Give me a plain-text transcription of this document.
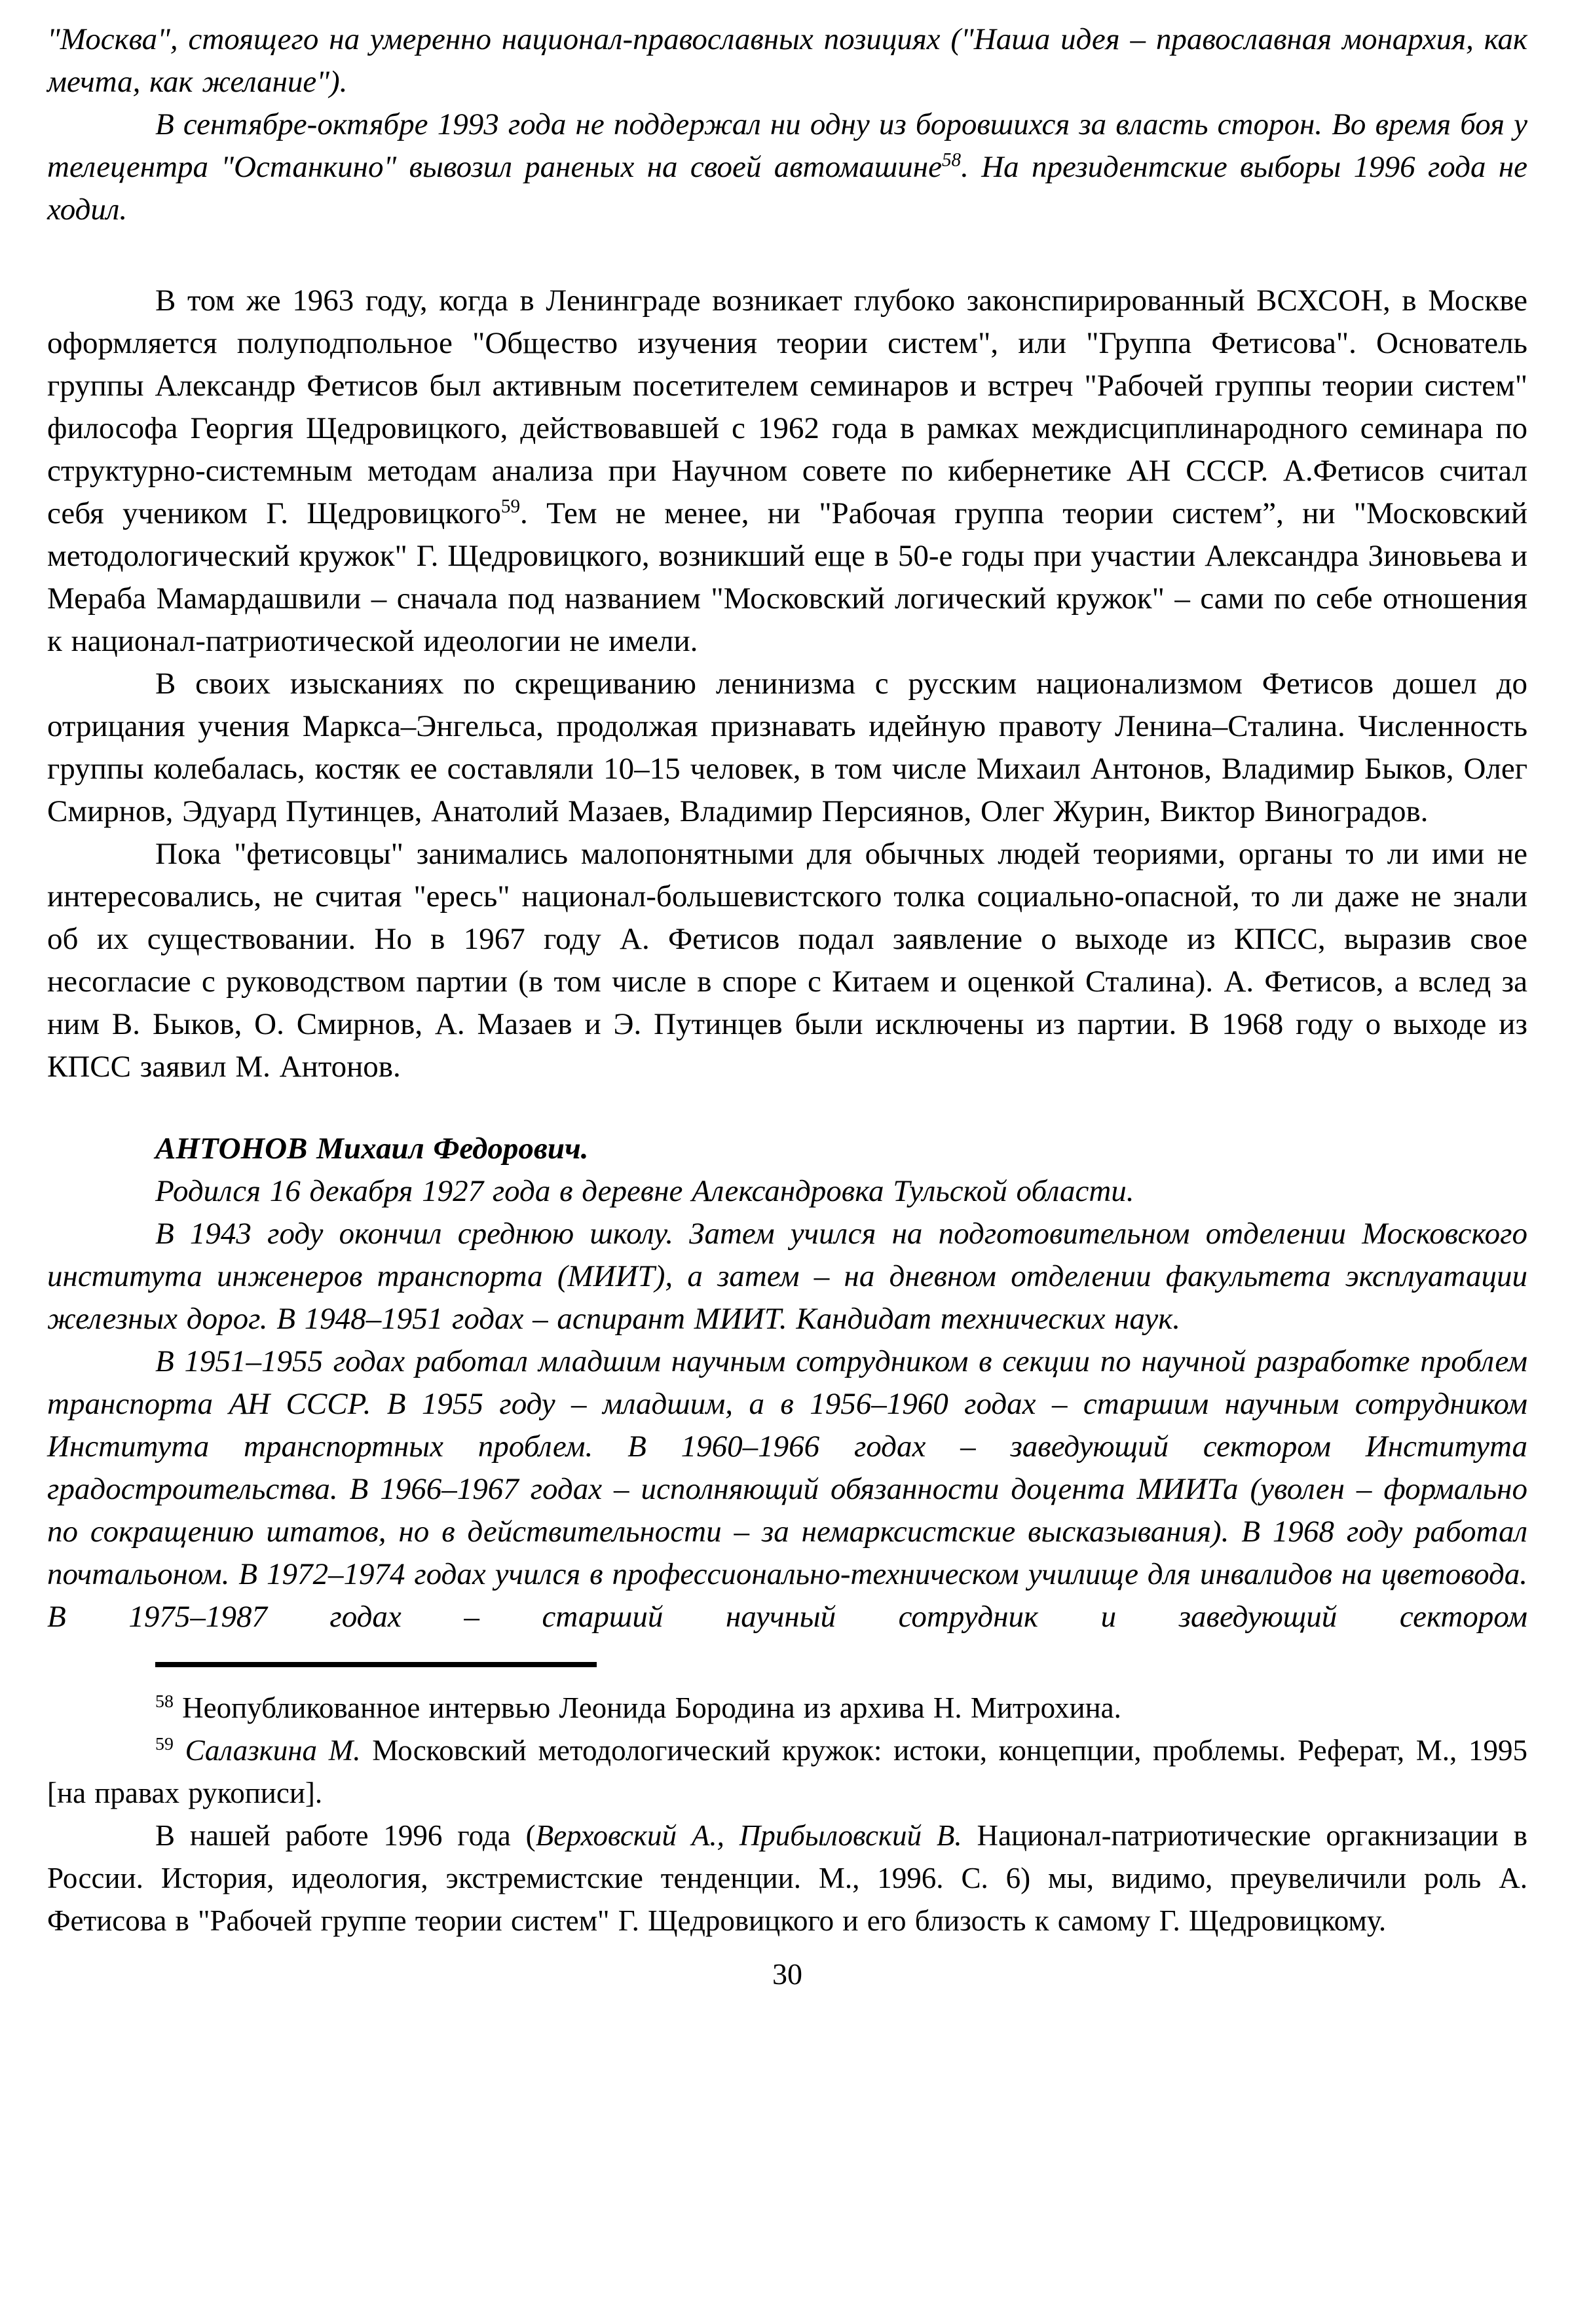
"Москва", стоящего на умеренно национал-православных позициях ("Наша идея – православная монархия, как мечта, как желание").

В сентябре-октябре 1993 года не поддержал ни одну из боровшихся за власть сторон. Во время боя у телецентра "Останкино" вывозил раненых на своей автомашине$^{58}$. На президентские выборы 1996 года не ходил.

В том же 1963 году, когда в Ленинграде возникает глубоко законспирированный ВСХСОН, в Москве оформляется полуподпольное "Общество изучения теории систем", или "Группа Фетисова". Основатель группы Александр Фетисов был активным посетителем семинаров и встреч "Рабочей группы теории систем" философа Георгия Щедровицкого, действовавшей с 1962 года в рамках междисциплинародного семинара по структурно-системным методам анализа при Научном совете по кибернетике АН СССР. А.Фетисов считал себя учеником Г. Щедровицкого$^{59}$. Тем не менее, ни "Рабочая группа теории систем”, ни "Московский методологический кружок" Г. Щедровицкого, возникший еще в 50-е годы при участии Александра Зиновьева и Мераба Мамардашвили – сначала под названием "Московский логический кружок" – сами по себе отношения к национал-патриотической идеологии не имели.

В своих изысканиях по скрещиванию ленинизма с русским национализмом Фетисов дошел до отрицания учения Маркса–Энгельса, продолжая признавать идейную правоту Ленина–Сталина. Численность группы колебалась, костяк ее составляли 10–15 человек, в том числе Михаил Антонов, Владимир Быков, Олег Смирнов, Эдуард Путинцев, Анатолий Мазаев, Владимир Персиянов, Олег Журин, Виктор Виноградов.

Пока "фетисовцы" занимались малопонятными для обычных людей теориями, органы то ли ими не интересовались, не считая "ересь" национал-большевистского толка социально-опасной, то ли даже не знали об их существовании. Но в 1967 году А. Фетисов подал заявление о выходе из КПСС, выразив свое несогласие с руководством партии (в том числе в споре с Китаем и оценкой Сталина). А. Фетисов, а вслед за ним В. Быков, О. Смирнов, А. Мазаев и Э. Путинцев были исключены из партии. В 1968 году о выходе из КПСС заявил М. Антонов.

АНТОНОВ Михаил Федорович.

Родился 16 декабря 1927 года в деревне Александровка Тульской области.

В 1943 году окончил среднюю школу. Затем учился на подготовительном отделении Московского института инженеров транспорта (МИИТ), а затем – на дневном отделении факультета эксплуатации железных дорог. В 1948–1951 годах – аспирант МИИТ. Кандидат технических наук.

В 1951–1955 годах работал младшим научным сотрудником в секции по научной разработке проблем транспорта АН СССР. В 1955 году – младшим, а в 1956–1960 годах – старшим научным сотрудником Института транспортных проблем. В 1960–1966 годах – заведующий сектором Института градостроительства. В 1966–1967 годах – исполняющий обязанности доцента МИИТа (уволен – формально по сокращению штатов, но в действительности – за немарксистские высказывания). В 1968 году работал почтальоном. В 1972–1974 годах учился в профессионально-техническом училище для инвалидов на цветовода. В 1975–1987 годах – старший научный сотрудник и заведующий сектором

$^{58}$ Неопубликованное интервью Леонида Бородина из архива Н. Митрохина.

$^{59}$ Салазкина М. Московский методологический кружок: истоки, концепции, проблемы. Реферат, М., 1995 [на правах рукописи].

В нашей работе 1996 года (Верховский А., Прибыловский В. Национал-патриотические оргакнизации в России. История, идеология, экстремистские тенденции. М., 1996. С. 6) мы, видимо, преувеличили роль А. Фетисова в "Рабочей группе теории систем" Г. Щедровицкого и его близость к самому Г. Щедровицкому.

30
